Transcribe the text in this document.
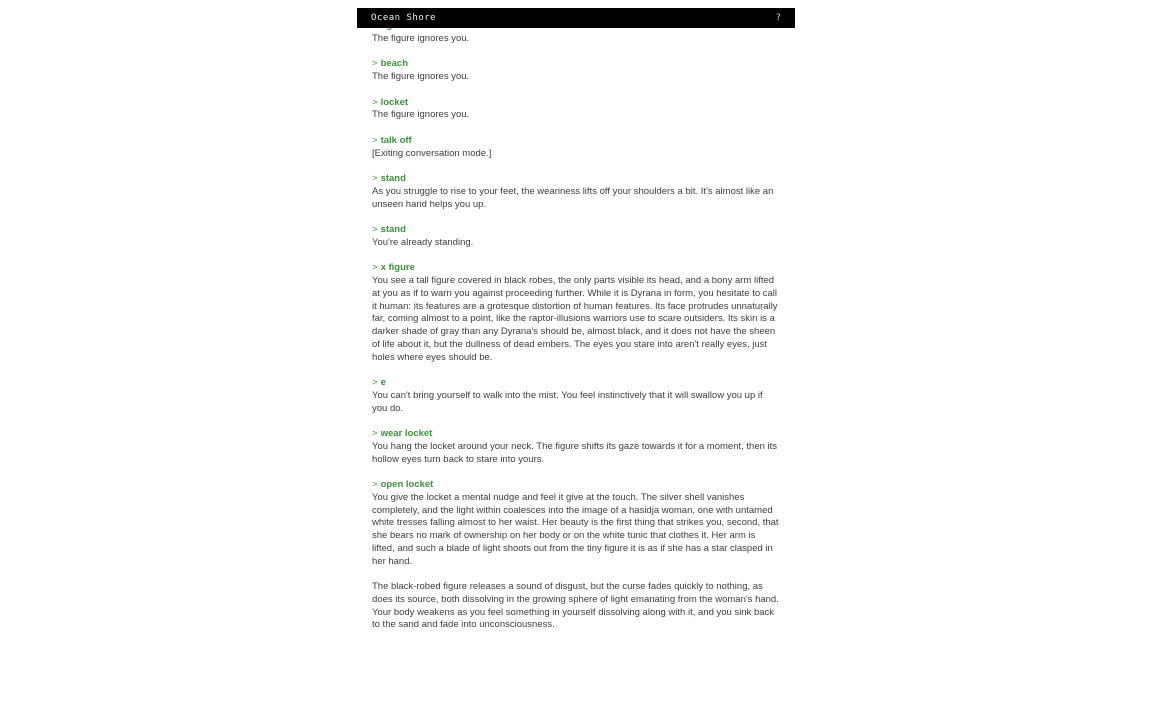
The figure ignores you.
> beach
The figure ignores you.
> locket
The figure ignores you.
> talk off
[Exiting conversation mode.]
> stand
As you struggle to rise to your feet, the weariness lifts off your shoulders a bit. It's almost like an unseen hand helps you up.
> stand
You're already standing.
> x figure
You see a tall figure covered in black robes, the only parts visible its head, and a bony arm lifted at you as if to warn you against proceeding further. While it is Dyrana in form, you hesitate to call it human: its features are a grotesque distortion of human features. Its face protrudes unnaturally far, coming almost to a point, like the raptor-illusions warriors use to scare outsiders. Its skin is a darker shade of gray than any Dyrana's should be, almost black, and it does not have the sheen of life about it, but the dullness of dead embers. The eyes you stare into aren't really eyes, just holes where eyes should be.
> e
You can't bring yourself to walk into the mist. You feel instinctively that it will swallow you up if you do.
> wear locket
You hang the locket around your neck. The figure shifts its gaze towards it for a moment, then its hollow eyes turn back to stare into yours.
> open locket
You give the locket a mental nudge and feel it give at the touch. The silver shell vanishes completely, and the light within coalesces into the image of a hasidja woman, one with untamed white tresses falling almost to her waist. Her beauty is the first thing that strikes you, second, that she bears no mark of ownership on her body or on the white tunic that clothes it. Her arm is lifted, and such a blade of light shoots out from the tiny figure it is as if she has a star clasped in her hand.
The black-robed figure releases a sound of disgust, but the curse fades quickly to nothing, as does its source, both dissolving in the growing sphere of light emanating from the woman's hand. Your body weakens as you feel something in yourself dissolving along with it, and you sink back to the sand and fade into unconsciousness.
Ocean Shore	?
